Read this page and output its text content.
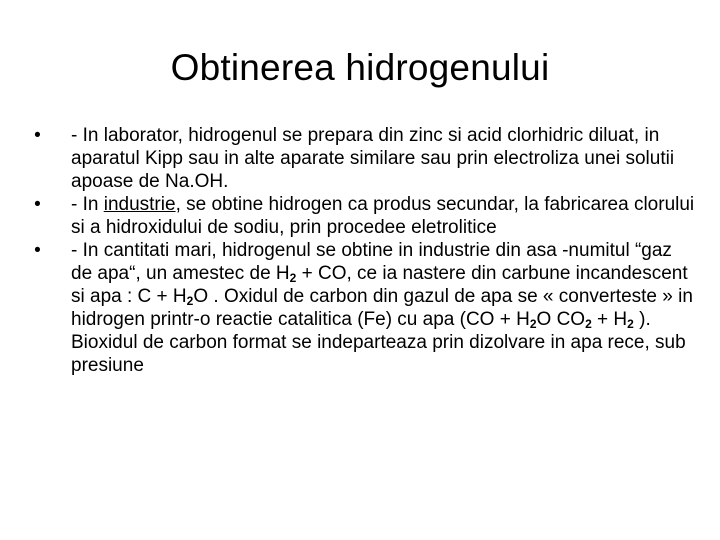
Obtinerea hidrogenului
• - In laborator, hidrogenul se prepara din zinc si acid clorhidric diluat, in aparatul Kipp sau in alte aparate similare sau prin electroliza unei solutii apoase de Na.OH.
• - In industrie, se obtine hidrogen ca produs secundar, la fabricarea clorului si a hidroxidului de sodiu, prin procedee eletrolitice
• - In cantitati mari, hidrogenul se obtine in industrie din asa -numitul “gaz de apa“, un amestec de $H_2$ + CO, ce ia nastere din carbune incandescent si apa : $C + H_2O$ . Oxidul de carbon din gazul de apa se « converteste » in hidrogen printr-o reactie catalitica (Fe) cu apa ($CO + H_2O$ $CO_2 + H_2$ ). Bioxidul de carbon format se indeparteaza prin dizolvare in apa rece, sub presiune
